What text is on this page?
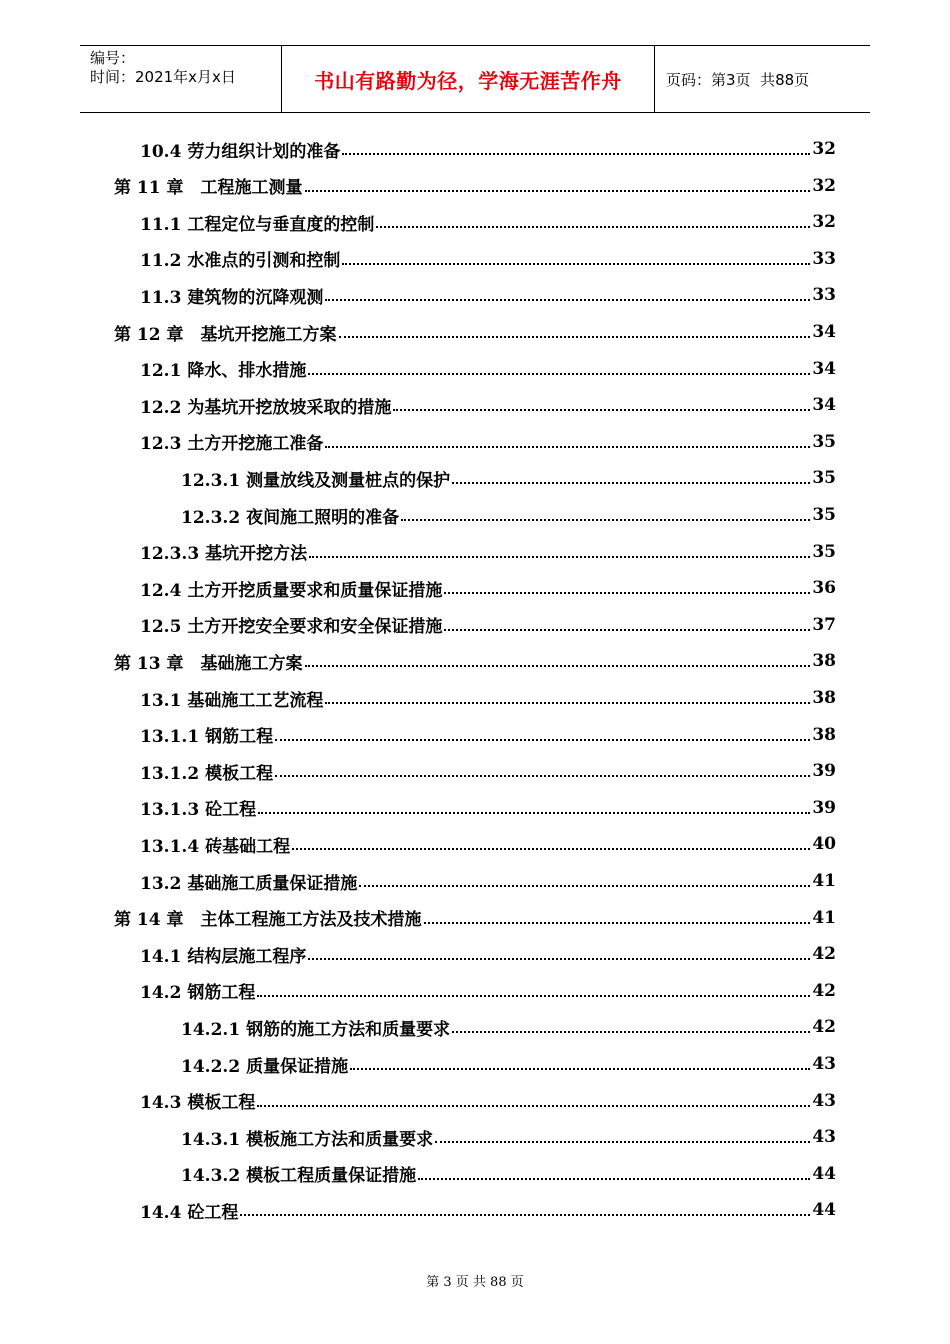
编号：
时间：2021年x月x日	书山有路勤为径，学海无涯苦作舟	页码：第3页  共88页
10.4 劳力组织计划的准备	32
第 11 章　工程施工测量	32
11.1 工程定位与垂直度的控制	32
11.2 水准点的引测和控制	33
11.3 建筑物的沉降观测	33
第 12 章　基坑开挖施工方案	34
12.1 降水、排水措施	34
12.2 为基坑开挖放坡采取的措施	34
12.3 土方开挖施工准备	35
12.3.1 测量放线及测量桩点的保护	35
12.3.2 夜间施工照明的准备	35
12.3.3 基坑开挖方法	35
12.4 土方开挖质量要求和质量保证措施	36
12.5 土方开挖安全要求和安全保证措施	37
第 13 章　基础施工方案	38
13.1 基础施工工艺流程	38
13.1.1 钢筋工程	38
13.1.2 模板工程	39
13.1.3 砼工程	39
13.1.4 砖基础工程	40
13.2 基础施工质量保证措施	41
第 14 章　主体工程施工方法及技术措施	41
14.1 结构层施工程序	42
14.2 钢筋工程	42
14.2.1 钢筋的施工方法和质量要求	42
14.2.2 质量保证措施	43
14.3 模板工程	43
14.3.1 模板施工方法和质量要求	43
14.3.2 模板工程质量保证措施	44
14.4 砼工程	44
第 3 页 共 88 页
